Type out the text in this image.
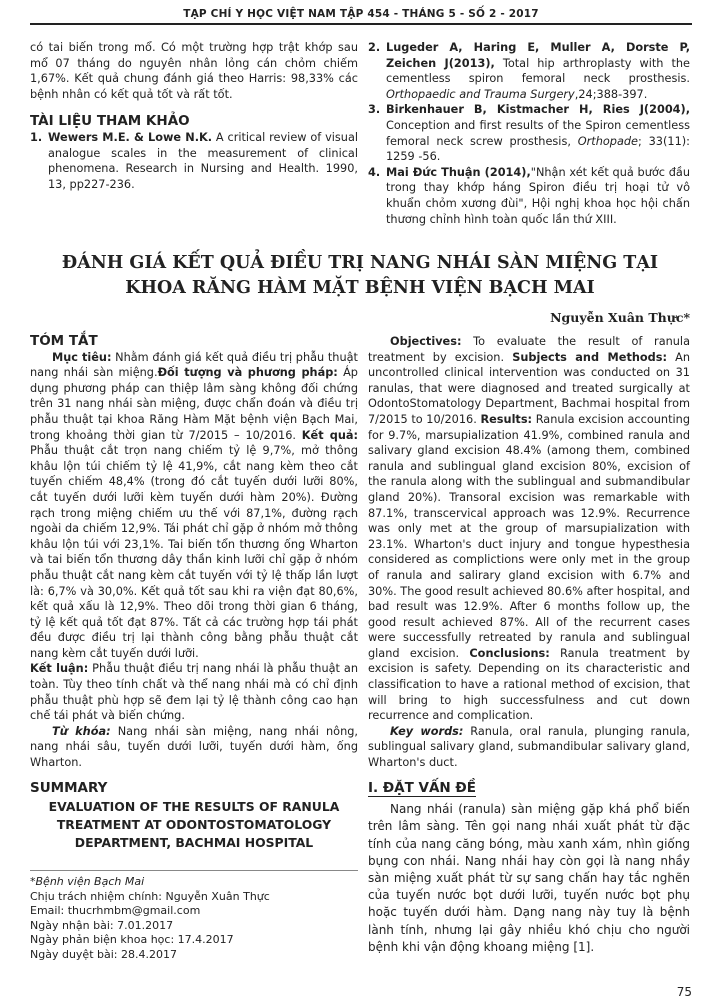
TẠP CHÍ Y HỌC VIỆT NAM TẬP 454 - THÁNG 5 - SỐ 2 - 2017

có tai biến trong mổ. Có một trường hợp trật khớp sau mổ 07 tháng do nguyên nhân lỏng cán chỏm chiếm 1,67%. Kết quả chung đánh giá theo Harris: 98,33% các bệnh nhân có kết quả tốt và rất tốt.

TÀI LIỆU THAM KHẢO

1. Wewers M.E. & Lowe N.K. A critical review of visual analogue scales in the measurement of clinical phenomena. Research in Nursing and Health. 1990, 13, pp227-236.
2. Lugeder A, Haring E, Muller A, Dorste P, Zeichen J(2013), Total hip arthroplasty with the cementless spiron femoral neck prosthesis. Orthopaedic and Trauma Surgery,24;388-397.
3. Birkenhauer B, Kistmacher H, Ries J(2004), Conception and first results of the Spiron cementless femoral neck screw prosthesis, Orthopade; 33(11): 1259 -56.
4. Mai Đức Thuận (2014),"Nhận xét kết quả bước đầu trong thay khớp háng Spiron điều trị hoại tử vô khuẩn chỏm xương đùi", Hội nghị khoa học hội chấn thương chỉnh hình toàn quốc lần thứ XIII.
ĐÁNH GIÁ KẾT QUẢ ĐIỀU TRỊ NANG NHÁI SÀN MIỆNG TẠI
KHOA RĂNG HÀM MẶT BỆNH VIỆN BẠCH MAI
Nguyễn Xuân Thực*

TÓM TẮT

Mục tiêu: Nhằm đánh giá kết quả điều trị phẫu thuật nang nhái sàn miệng.Đối tượng và phương pháp: Áp dụng phương pháp can thiệp lâm sàng không đối chứng trên 31 nang nhái sàn miệng, được chẩn đoán và điều trị phẫu thuật tại khoa Răng Hàm Mặt bệnh viện Bạch Mai, trong khoảng thời gian từ 7/2015 – 10/2016. Kết quả: Phẫu thuật cắt trọn nang chiếm tỷ lệ 9,7%, mở thông khâu lộn túi chiếm tỷ lệ 41,9%, cắt nang kèm theo cắt tuyến chiếm 48,4% (trong đó cắt tuyến dưới lưỡi 80%, cắt tuyến dưới lưỡi kèm tuyến dưới hàm 20%). Đường rạch trong miệng chiếm ưu thế với 87,1%, đường rạch ngoài da chiếm 12,9%. Tái phát chỉ gặp ở nhóm mở thông khâu lộn túi với 23,1%. Tai biến tổn thương ống Wharton và tai biến tổn thương dây thần kinh lưỡi chỉ gặp ở nhóm phẫu thuật cắt nang kèm cắt tuyến với tỷ lệ thấp lần lượt là: 6,7% và 30,0%. Kết quả tốt sau khi ra viện đạt 80,6%, kết quả xấu là 12,9%. Theo dõi trong thời gian 6 tháng, tỷ lệ kết quả tốt đạt 87%. Tất cả các trường hợp tái phát đều được điều trị lại thành công bằng phẫu thuật cắt nang kèm cắt tuyến dưới lưỡi.

Kết luận: Phẫu thuật điều trị nang nhái là phẫu thuật an toàn. Tùy theo tính chất và thể nang nhái mà có chỉ định phẫu thuật phù hợp sẽ đem lại tỷ lệ thành công cao hạn chế tái phát và biến chứng.

Từ khóa: Nang nhái sàn miệng, nang nhái nông, nang nhái sâu, tuyến dưới lưỡi, tuyến dưới hàm, ống Wharton.

SUMMARY

EVALUATION OF THE RESULTS OF RANULA TREATMENT AT ODONTOSTOMATOLOGY DEPARTMENT, BACHMAI HOSPITAL

*Bệnh viện Bạch Mai
Chịu trách nhiệm chính: Nguyễn Xuân Thực
Email: thucrhmbm@gmail.com
Ngày nhận bài: 7.01.2017
Ngày phản biện khoa học: 17.4.2017
Ngày duyệt bài: 28.4.2017

Objectives: To evaluate the result of ranula treatment by excision. Subjects and Methods: An uncontrolled clinical intervention was conducted on 31 ranulas, that were diagnosed and treated surgically at OdontoStomatology Department, Bachmai hospital from 7/2015 to 10/2016. Results: Ranula excision accounting for 9.7%, marsupialization 41.9%, combined ranula and salivary gland excision 48.4% (among them, combined ranula and sublingual gland excision 80%, excision of the ranula along with the sublingual and submandibular gland 20%). Transoral excision was remarkable with 87.1%, transcervical approach was 12.9%. Recurrence was only met at the group of marsupialization with 23.1%. Wharton's duct injury and tongue hypesthesia considered as complictions were only met in the group of ranula and salirary gland excision with 6.7% and 30%. The good result achieved 80.6% after hospital, and bad result was 12.9%. After 6 months follow up, the good result achieved 87%. All of the recurrent cases were successfully retreated by ranula and sublingual gland excision. Conclusions: Ranula treatment by excision is safety. Depending on its characteristic and classification to have a rational method of excision, that will bring to high successfulness and cut down recurrence and complication.

Key words: Ranula, oral ranula, plunging ranula, sublingual salivary gland, submandibular salivary gland, Wharton's duct.

I. ĐẶT VẤN ĐỀ

Nang nhái (ranula) sàn miệng gặp khá phổ biến trên lâm sàng. Tên gọi nang nhái xuất phát từ đặc tính của nang căng bóng, màu xanh xám, nhìn giống bụng con nhái. Nang nhái hay còn gọi là nang nhầy sàn miệng xuất phát từ sự sang chấn hay tắc nghẽn của tuyến nước bọt dưới lưỡi, tuyến nước bọt phụ hoặc tuyến dưới hàm. Dạng nang này tuy là bệnh lành tính, nhưng lại gây nhiều khó chịu cho người bệnh khi vận động khoang miệng [1].

75
